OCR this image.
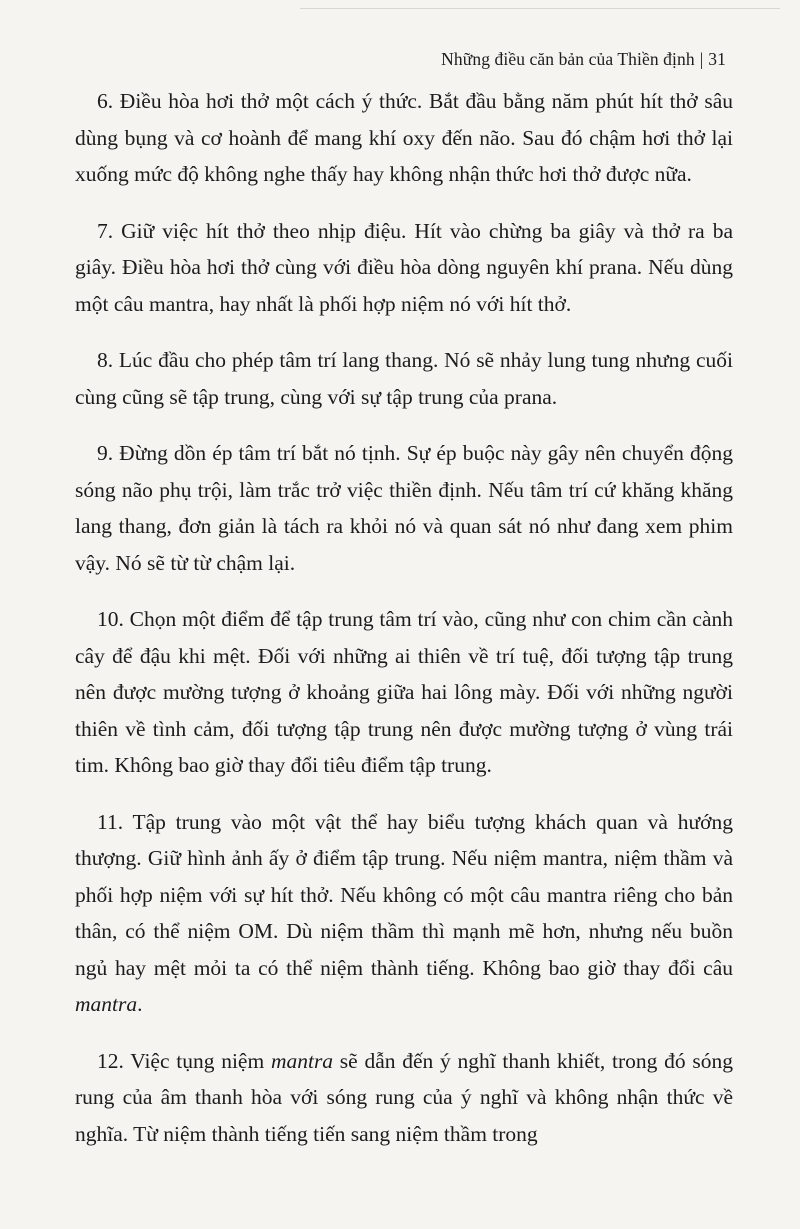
Những điều căn bản của Thiền định | 31

6. Điều hòa hơi thở một cách ý thức. Bắt đầu bằng năm phút hít thở sâu dùng bụng và cơ hoành để mang khí oxy đến não. Sau đó chậm hơi thở lại xuống mức độ không nghe thấy hay không nhận thức hơi thở được nữa.

7. Giữ việc hít thở theo nhịp điệu. Hít vào chừng ba giây và thở ra ba giây. Điều hòa hơi thở cùng với điều hòa dòng nguyên khí prana. Nếu dùng một câu mantra, hay nhất là phối hợp niệm nó với hít thở.

8. Lúc đầu cho phép tâm trí lang thang. Nó sẽ nhảy lung tung nhưng cuối cùng cũng sẽ tập trung, cùng với sự tập trung của prana.

9. Đừng dồn ép tâm trí bắt nó tịnh. Sự ép buộc này gây nên chuyển động sóng não phụ trội, làm trắc trở việc thiền định. Nếu tâm trí cứ khăng khăng lang thang, đơn giản là tách ra khỏi nó và quan sát nó như đang xem phim vậy. Nó sẽ từ từ chậm lại.

10. Chọn một điểm để tập trung tâm trí vào, cũng như con chim cần cành cây để đậu khi mệt. Đối với những ai thiên về trí tuệ, đối tượng tập trung nên được mường tượng ở khoảng giữa hai lông mày. Đối với những người thiên về tình cảm, đối tượng tập trung nên được mường tượng ở vùng trái tim. Không bao giờ thay đổi tiêu điểm tập trung.

11. Tập trung vào một vật thể hay biểu tượng khách quan và hướng thượng. Giữ hình ảnh ấy ở điểm tập trung. Nếu niệm mantra, niệm thầm và phối hợp niệm với sự hít thở. Nếu không có một câu mantra riêng cho bản thân, có thể niệm OM. Dù niệm thầm thì mạnh mẽ hơn, nhưng nếu buồn ngủ hay mệt mỏi ta có thể niệm thành tiếng. Không bao giờ thay đổi câu mantra.

12. Việc tụng niệm mantra sẽ dẫn đến ý nghĩ thanh khiết, trong đó sóng rung của âm thanh hòa với sóng rung của ý nghĩ và không nhận thức về nghĩa. Từ niệm thành tiếng tiến sang niệm thầm trong
